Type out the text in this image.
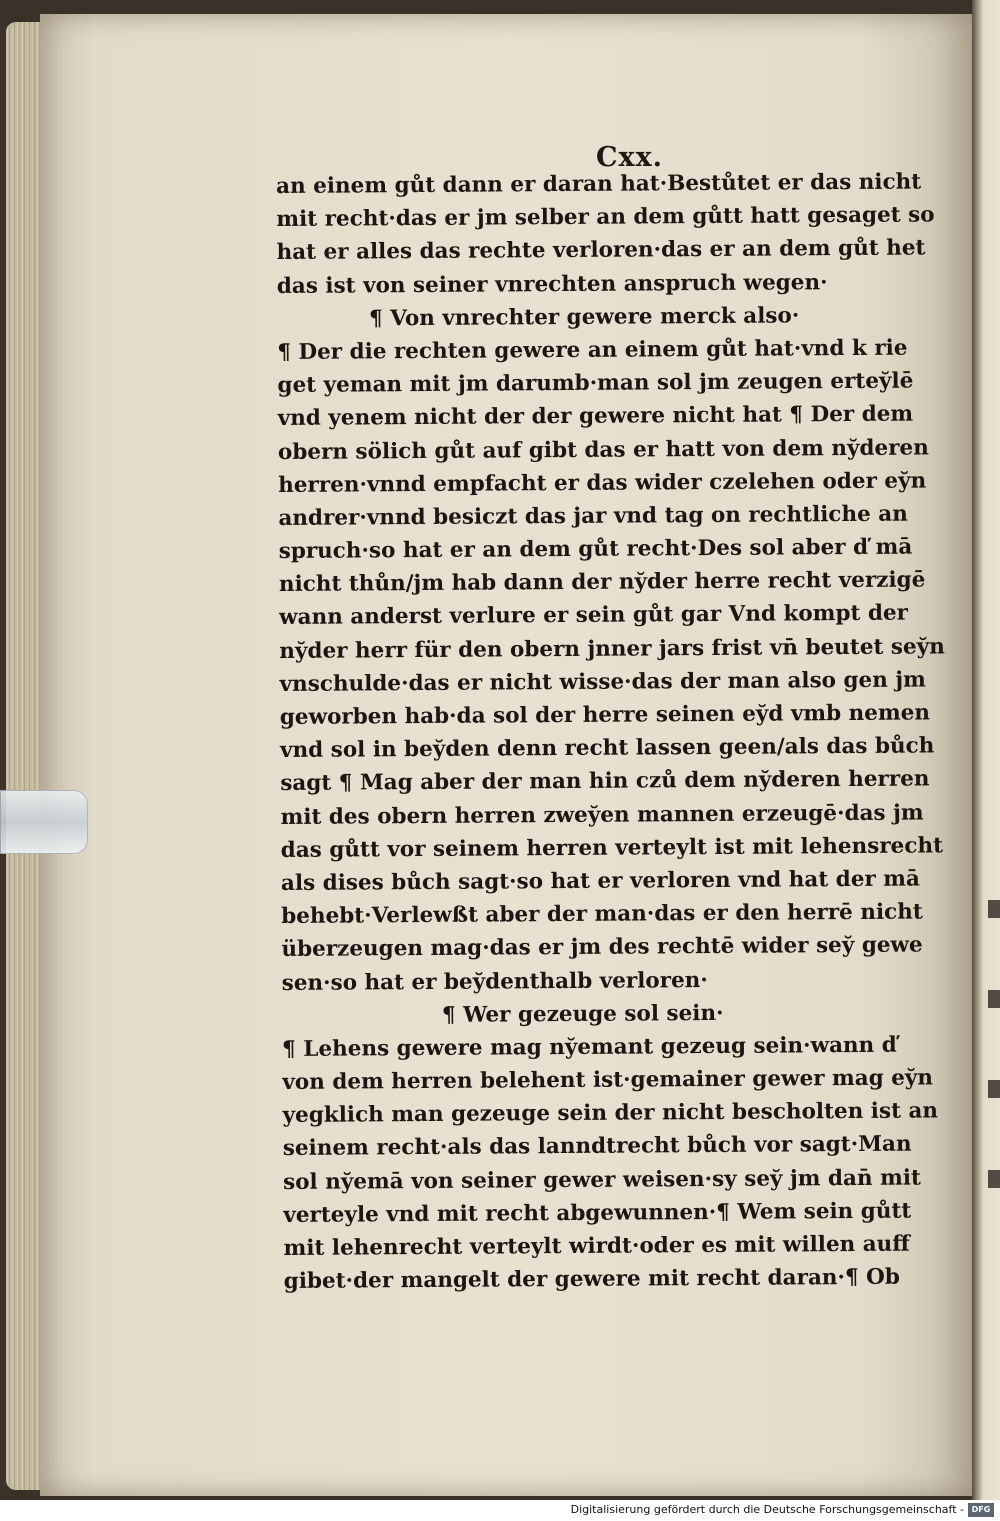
Cxx.
an einem gůt dann er daran hat·Bestůtet er das nicht
mit recht·das er jm selber an dem gůtt hatt gesaget so
hat er alles das rechte verloren·das er an dem gůt het
das ist von seiner vnrechten anspruch wegen·
¶ Von vnrechter gewere merck also·
¶ Der die rechten gewere an einem gůt hat·vnd k rie
get yeman mit jm darumb·man sol jm zeugen ertey̆lē
vnd yenem nicht der der gewere nicht hat ¶ Der dem
obern sölich gůt auf gibt das er hatt von dem ny̆deren
herren·vnnd empfacht er das wider czelehen oder ey̆n
andrer·vnnd besiczt das jar vnd tag on rechtliche an
spruch·so hat er an dem gůt recht·Des sol aber ď mā
nicht thůn/jm hab dann der ny̆der herre recht verzigē
wann anderst verlure er sein gůt gar Vnd kompt der
ny̆der herr für den obern jnner jars frist vn̄ beutet sey̆n
vnschulde·das er nicht wisse·das der man also gen jm
geworben hab·da sol der herre seinen ey̆d vmb nemen
vnd sol in bey̆den denn recht lassen geen/als das bůch
sagt ¶ Mag aber der man hin czů dem ny̆deren herren
mit des obern herren zwey̆en mannen erzeugē·das jm
das gůtt vor seinem herren verteylt ist mit lehensrecht
als dises bůch sagt·so hat er verloren vnd hat der mā
behebt·Verlewßt aber der man·das er den herrē nicht
überzeugen mag·das er jm des rechtē wider sey̆ gewe
sen·so hat er bey̆denthalb verloren·
¶ Wer gezeuge sol sein·
¶ Lehens gewere mag ny̆emant gezeug sein·wann ď
von dem herren belehent ist·gemainer gewer mag ey̆n
yegklich man gezeuge sein der nicht bescholten ist an
seinem recht·als das lanndtrecht bůch vor sagt·Man
sol ny̆emā von seiner gewer weisen·sy sey̆ jm dan̄ mit
verteyle vnd mit recht abgewunnen·¶ Wem sein gůtt
mit lehenrecht verteylt wirdt·oder es mit willen auff
gibet·der mangelt der gewere mit recht daran·¶ Ob
Digitalisierung gefördert durch die Deutsche Forschungsgemeinschaft - DFG
